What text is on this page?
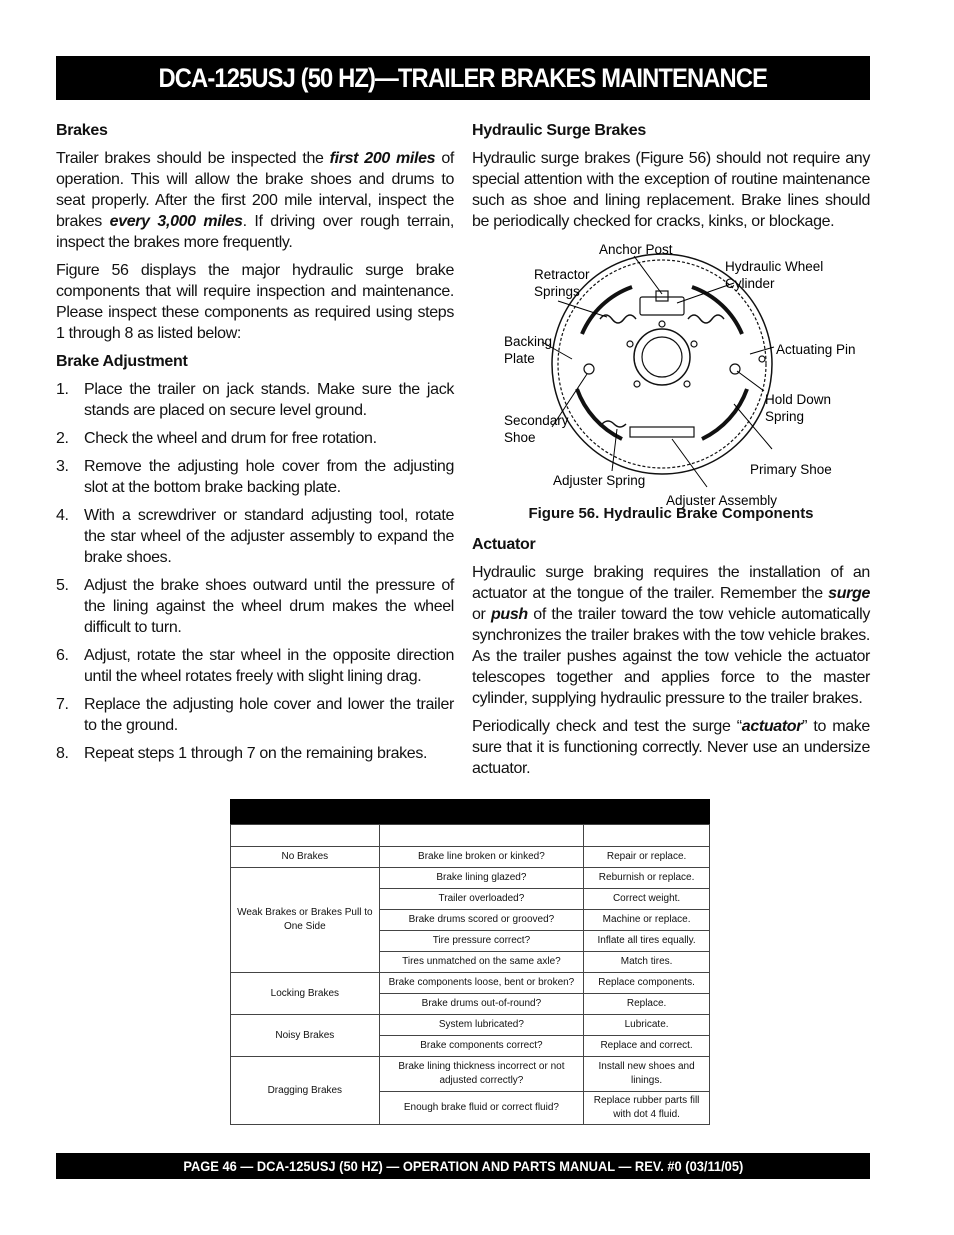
DCA-125USJ (50 HZ)—TRAILER BRAKES MAINTENANCE
Brakes

Trailer brakes should be inspected the first 200 miles of operation. This will allow the brake shoes and drums to seat properly. After the first 200 mile interval, inspect the brakes every 3,000 miles. If driving over rough terrain, inspect the brakes more frequently.

Figure 56 displays the major hydraulic surge brake components that will require inspection and maintenance. Please inspect these components as required using steps 1 through 8 as listed below:

Brake Adjustment
1. Place the trailer on jack stands. Make sure the jack stands are placed on secure level ground.
2. Check the wheel and drum for free rotation.
3. Remove the adjusting hole cover from the adjusting slot at the bottom brake backing plate.
4. With a screwdriver or standard adjusting tool, rotate the star wheel of the adjuster assembly to expand the brake shoes.
5. Adjust the brake shoes outward until the pressure of the lining against the wheel drum makes the wheel difficult to turn.
6. Adjust, rotate the star wheel in the opposite direction until the wheel rotates freely with slight lining drag.
7. Replace the adjusting hole cover and lower the trailer to the ground.
8. Repeat steps 1 through 7 on the remaining brakes.
Hydraulic Surge Brakes

Hydraulic surge brakes (Figure 56) should not require any special attention with the exception of routine maintenance such as shoe and lining replacement. Brake lines should be periodically checked for cracks, kinks, or blockage.

Anchor Post
Retractor Springs
Hydraulic Wheel Cylinder
Backing Plate
Actuating Pin
Hold Down Spring
Secondary Shoe
Primary Shoe
Adjuster Spring
Adjuster Assembly
Figure 56. Hydraulic Brake Components
Actuator

Hydraulic surge braking requires the installation of an actuator at the tongue of the trailer. Remember the surge or push of the trailer toward the tow vehicle automatically synchronizes the trailer brakes with the tow vehicle brakes. As the trailer pushes against the tow vehicle the actuator telescopes together and applies force to the master cylinder, supplying hydraulic pressure to the trailer brakes.

Periodically check and test the surge “actuator” to make sure that it is functioning correctly. Never use an undersize actuator.

No Brakes	Brake line broken or kinked?	Repair or replace.
Weak Brakes or Brakes Pull to One Side	Brake lining glazed?	Reburnish or replace.
	Trailer overloaded?	Correct weight.
	Brake drums scored or grooved?	Machine or replace.
	Tire pressure correct?	Inflate all tires equally.
	Tires unmatched on the same axle?	Match tires.
Locking Brakes	Brake components loose, bent or broken?	Replace components.
	Brake drums out-of-round?	Replace.
Noisy Brakes	System lubricated?	Lubricate.
	Brake components correct?	Replace and correct.
Dragging Brakes	Brake lining thickness incorrect or not adjusted correctly?	Install new shoes and linings.
	Enough brake fluid or correct fluid?	Replace rubber parts fill with dot 4 fluid.
PAGE 46 — DCA-125USJ (50 HZ) — OPERATION AND PARTS MANUAL — REV. #0 (03/11/05)
